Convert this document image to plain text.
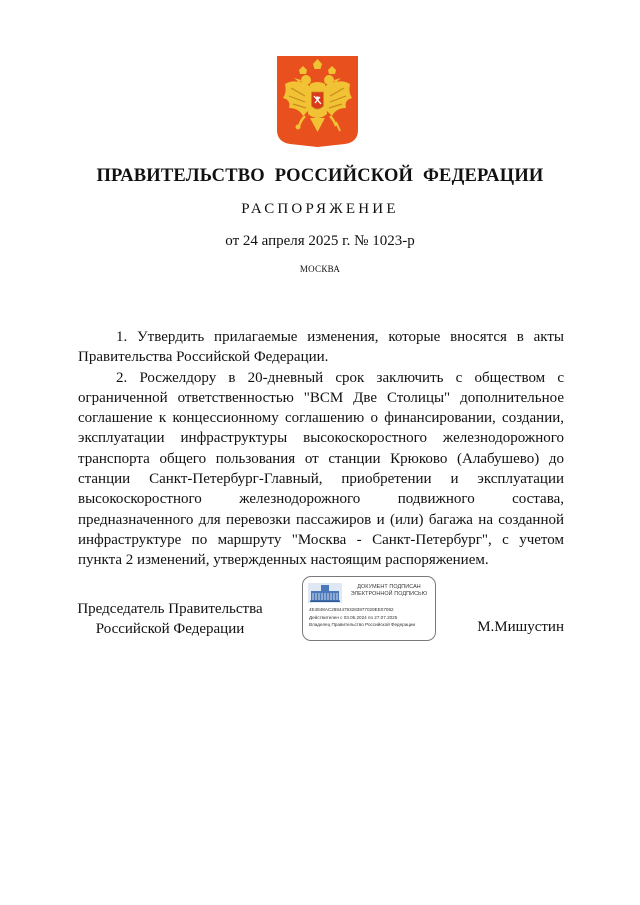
ПРАВИТЕЛЬСТВО РОССИЙСКОЙ ФЕДЕРАЦИИ
РАСПОРЯЖЕНИЕ
от 24 апреля 2025 г. № 1023-р
МОСКВА

1. Утвердить прилагаемые изменения, которые вносятся в акты Правительства Российской Федерации.

2. Росжелдору в 20-дневный срок заключить с обществом с ограниченной ответственностью "ВСМ Две Столицы" дополнительное соглашение к концессионному соглашению о финансировании, создании, эксплуатации инфраструктуры высокоскоростного железнодорожного транспорта общего пользования от станции Крюково (Алабушево) до станции Санкт-Петербург-Главный, приобретении и эксплуатации высокоскоростного железнодорожного подвижного состава, предназначенного для перевозки пассажиров и (или) багажа на созданной инфраструктуре по маршруту "Москва - Санкт-Петербург", с учетом пункта 2 изменений, утвержденных настоящим распоряжением.

Председатель Правительства
Российской Федерации
ДОКУМЕНТ ПОДПИСАН
ЭЛЕКТРОННОЙ ПОДПИСЬЮ
4E4848AC28844793283877028EE07082
Действителен с 03.05.2024 по 27.07.2025
Владелец Правительство Российской Федерации	М.Мишустин
